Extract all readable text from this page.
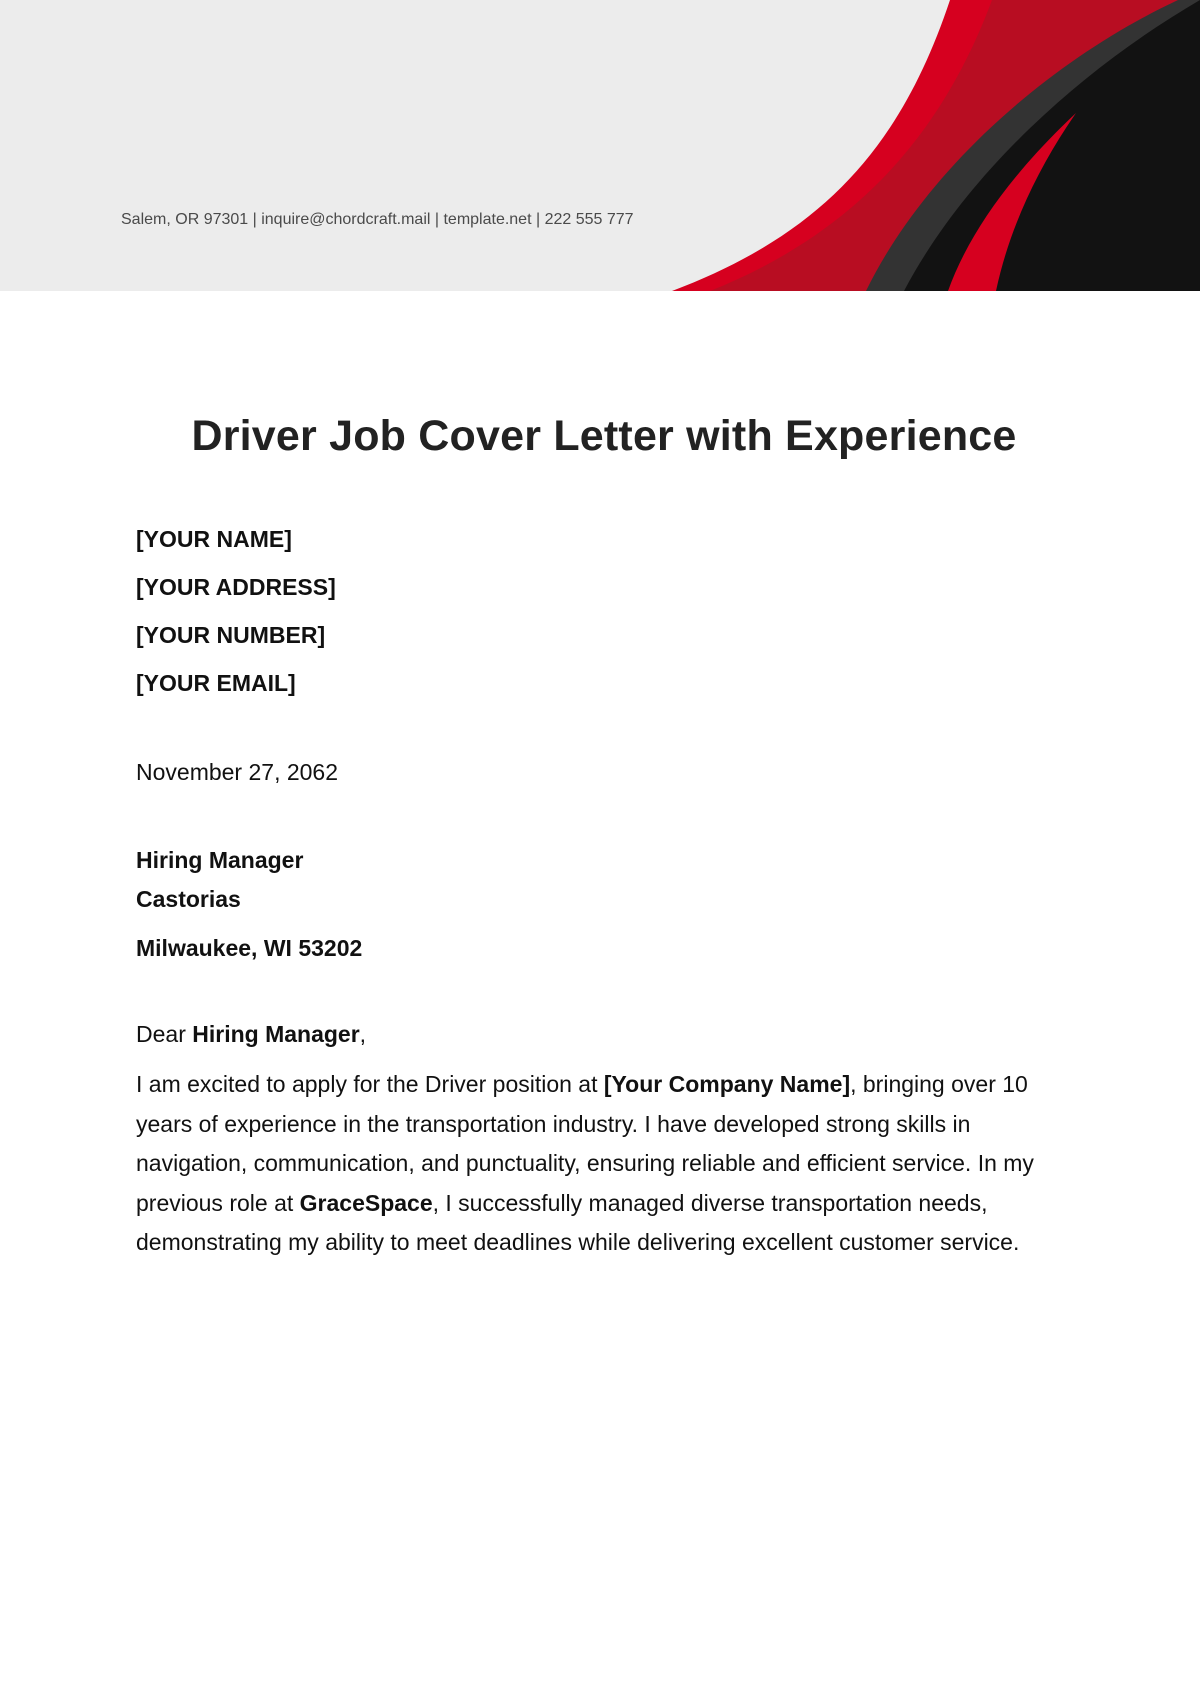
Salem, OR 97301 | inquire@chordcraft.mail | template.net | 222 555 777
Driver Job Cover Letter with Experience
[YOUR NAME]
[YOUR ADDRESS]
[YOUR NUMBER]
[YOUR EMAIL]
November 27, 2062
Hiring Manager
Castorias
Milwaukee, WI 53202
Dear Hiring Manager,

I am excited to apply for the Driver position at [Your Company Name], bringing over 10 years of experience in the transportation industry. I have developed strong skills in navigation, communication, and punctuality, ensuring reliable and efficient service. In my previous role at GraceSpace, I successfully managed diverse transportation needs, demonstrating my ability to meet deadlines while delivering excellent customer service.
